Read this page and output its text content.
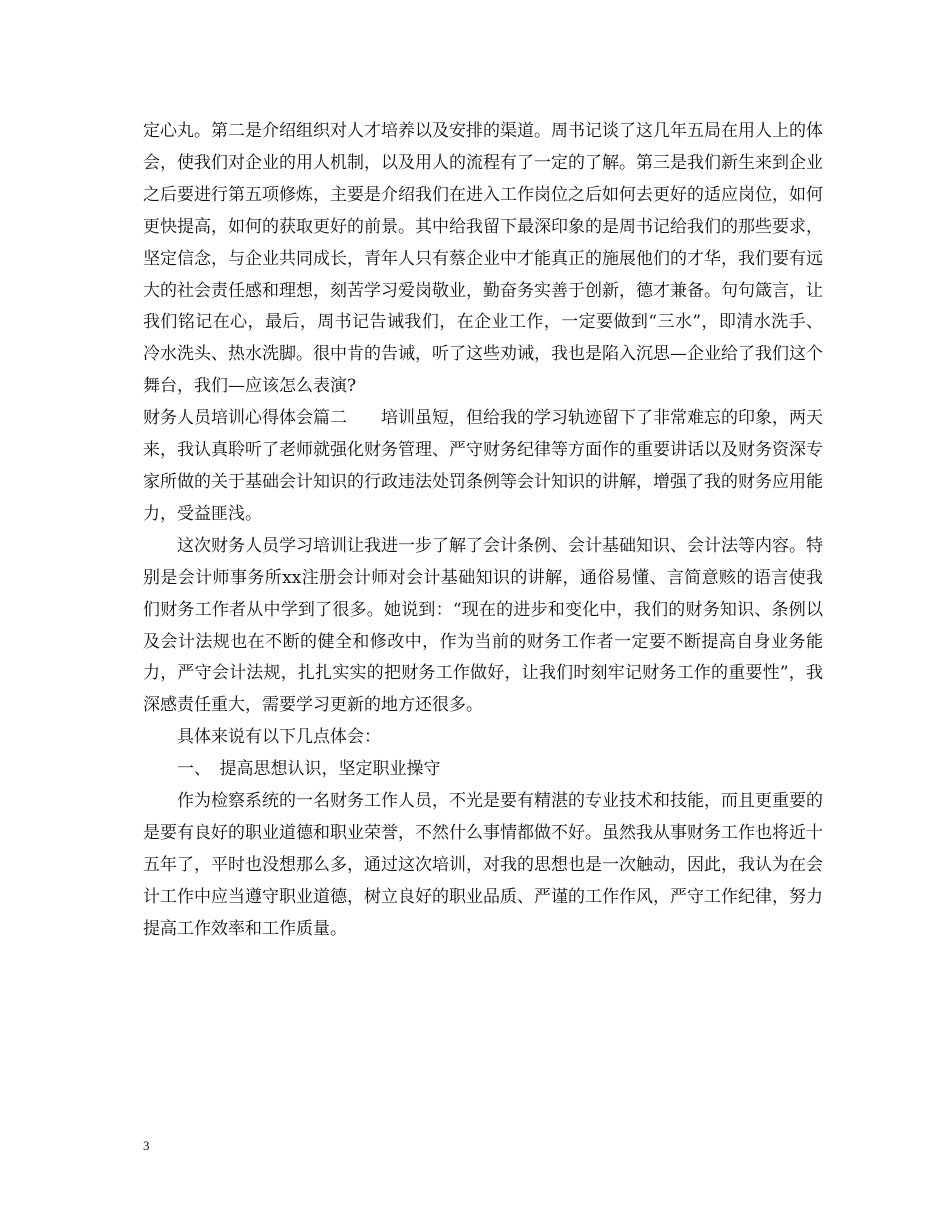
定心丸。第二是介绍组织对人才培养以及安排的渠道。周书记谈了这几年五局在用人上的体会，使我们对企业的用人机制，以及用人的流程有了一定的了解。第三是我们新生来到企业之后要进行第五项修炼，主要是介绍我们在进入工作岗位之后如何去更好的适应岗位，如何更快提高，如何的获取更好的前景。其中给我留下最深印象的是周书记给我们的那些要求，坚定信念，与企业共同成长，青年人只有蔡企业中才能真正的施展他们的才华，我们要有远大的社会责任感和理想，刻苦学习爱岗敬业，勤奋务实善于创新，德才兼备。句句箴言，让我们铭记在心，最后，周书记告诫我们，在企业工作，一定要做到“三水”，即清水洗手、冷水洗头、热水洗脚。很中肯的告诫，听了这些劝诫，我也是陷入沉思—企业给了我们这个舞台，我们—应该怎么表演?

财务人员培训心得体会篇二　　培训虽短，但给我的学习轨迹留下了非常难忘的印象，两天来，我认真聆听了老师就强化财务管理、严守财务纪律等方面作的重要讲话以及财务资深专家所做的关于基础会计知识的行政违法处罚条例等会计知识的讲解，增强了我的财务应用能力，受益匪浅。

这次财务人员学习培训让我进一步了解了会计条例、会计基础知识、会计法等内容。特别是会计师事务所xx注册会计师对会计基础知识的讲解，通俗易懂、言简意赅的语言使我们财务工作者从中学到了很多。她说到：“现在的进步和变化中，我们的财务知识、条例以及会计法规也在不断的健全和修改中，作为当前的财务工作者一定要不断提高自身业务能力，严守会计法规，扎扎实实的把财务工作做好，让我们时刻牢记财务工作的重要性”，我深感责任重大，需要学习更新的地方还很多。

具体来说有以下几点体会：

一、　提高思想认识，坚定职业操守

作为检察系统的一名财务工作人员，不光是要有精湛的专业技术和技能，而且更重要的是要有良好的职业道德和职业荣誉，不然什么事情都做不好。虽然我从事财务工作也将近十五年了，平时也没想那么多，通过这次培训，对我的思想也是一次触动，因此，我认为在会计工作中应当遵守职业道德，树立良好的职业品质、严谨的工作作风，严守工作纪律，努力提高工作效率和工作质量。

3
